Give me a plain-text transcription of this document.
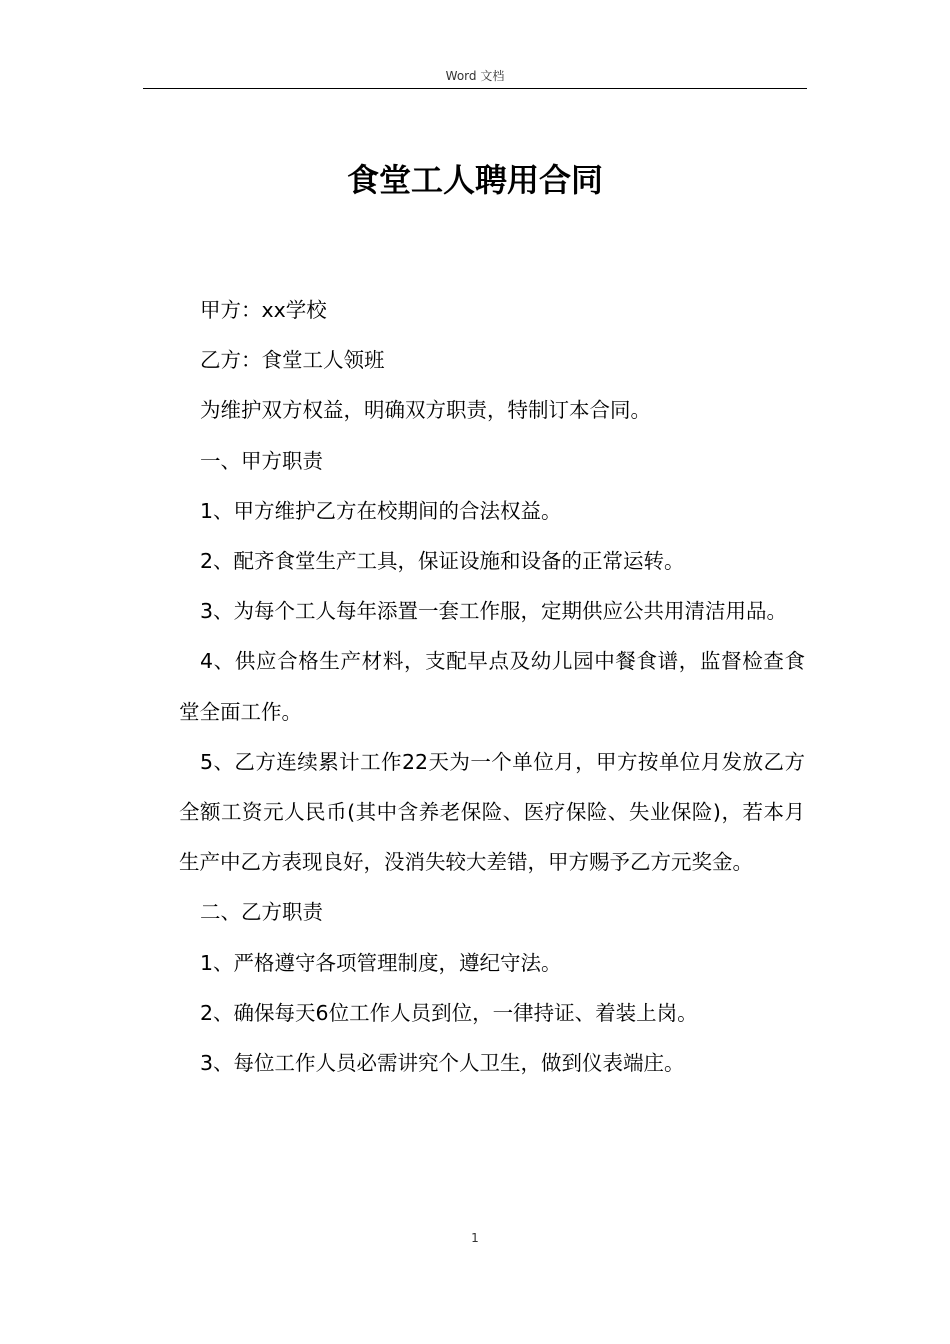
Word 文档
食堂工人聘用合同

甲方：xx学校

乙方：食堂工人领班

为维护双方权益，明确双方职责，特制订本合同。

一、甲方职责

1、甲方维护乙方在校期间的合法权益。

2、配齐食堂生产工具，保证设施和设备的正常运转。

3、为每个工人每年添置一套工作服，定期供应公共用清洁用品。

4、供应合格生产材料，支配早点及幼儿园中餐食谱，监督检查食堂全面工作。

5、乙方连续累计工作22天为一个单位月，甲方按单位月发放乙方全额工资元人民币(其中含养老保险、医疗保险、失业保险)，若本月生产中乙方表现良好，没消失较大差错，甲方赐予乙方元奖金。

二、乙方职责

1、严格遵守各项管理制度，遵纪守法。

2、确保每天6位工作人员到位，一律持证、着装上岗。

3、每位工作人员必需讲究个人卫生，做到仪表端庄。

1
